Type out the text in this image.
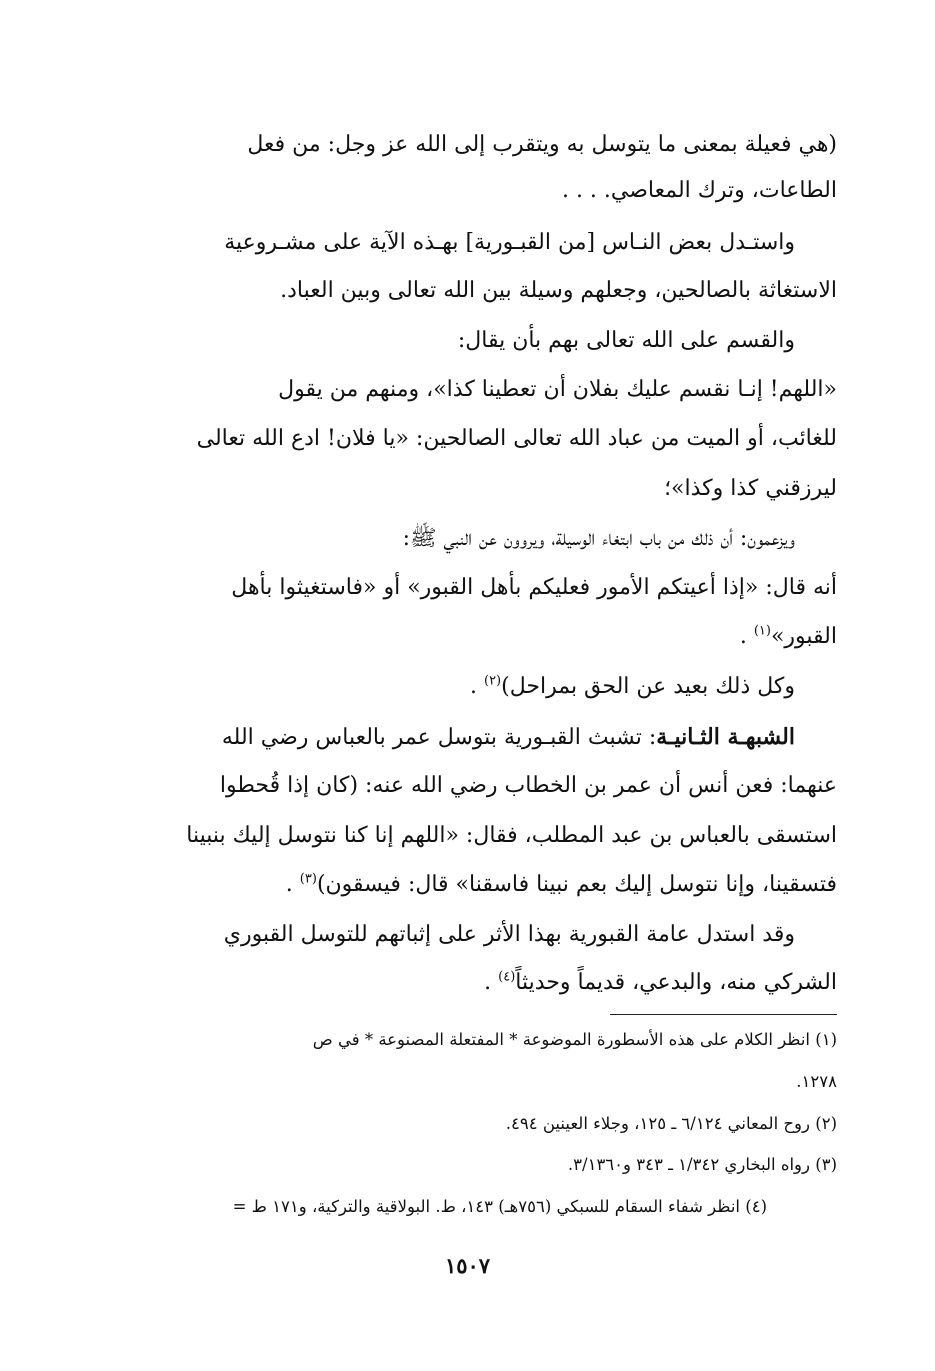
(هي فعيلة بمعنى ما يتوسل به ويتقرب إلى الله عز وجل: من فعل
الطاعات، وترك المعاصي. . . .
واستـدل بعض النـاس [من القبـورية] بهـذه الآية على مشـروعية
الاستغاثة بالصالحين، وجعلهم وسيلة بين الله تعالى وبين العباد.
والقسم على الله تعالى بهم بأن يقال:
«اللهم! إنـا نقسم عليك بفلان أن تعطينا كذا»، ومنهم من يقول
للغائب، أو الميت من عباد الله تعالى الصالحين: «يا فلان! ادع الله تعالى
ليرزقني كذا وكذا»؛
ويزعمون: أن ذلك من باب ابتغاء الوسيلة، ويروون عن النبي ﷺ:
أنه قال: «إذا أعيتكم الأمور فعليكم بأهل القبور» أو «فاستغيثوا بأهل
القبور»$^{(١)}$ .
وكل ذلك بعيد عن الحق بمراحل)$^{(٢)}$ .
الشبهـة الثـانيـة: تشبث القبـورية بتوسل عمر بالعباس رضي الله
عنهما: فعن أنس أن عمر بن الخطاب رضي الله عنه: (كان إذا قُحطوا
استسقى بالعباس بن عبد المطلب، فقال: «اللهم إنا كنا نتوسل إليك بنبينا
فتسقينا، وإنا نتوسل إليك بعم نبينا فاسقنا» قال: فيسقون)$^{(٣)}$ .
وقد استدل عامة القبورية بهذا الأثر على إثباتهم للتوسل القبوري
الشركي منه، والبدعي، قديماً وحديثاً$^{(٤)}$ .
(١) انظر الكلام على هذه الأسطورة الموضوعة * المفتعلة المصنوعة * في ص
١٢٧٨.
(٢) روح المعاني ٦/١٢٤ ـ ١٢٥، وجلاء العينين ٤٩٤.
(٣) رواه البخاري ١/٣٤٢ ـ ٣٤٣ و٣/١٣٦٠.
(٤) انظر شفاء السقام للسبكي (٧٥٦هـ) ١٤٣، ط. البولاقية والتركية، و١٧١ ط =
١٥٠٧
